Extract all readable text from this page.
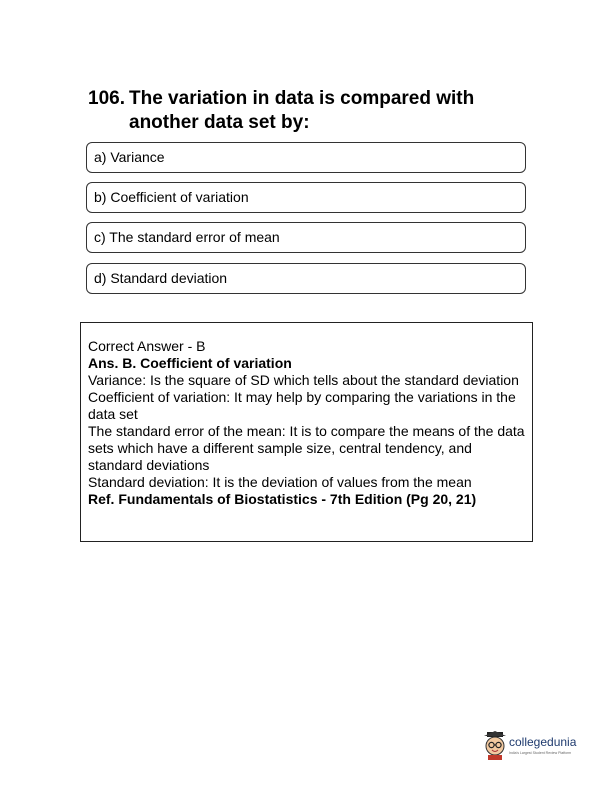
106. The variation in data is compared with
another data set by:
a) Variance
b) Coefficient of variation
c) The standard error of mean
d) Standard deviation

Correct Answer - B

Ans. B. Coefficient of variation

Variance: Is the square of SD which tells about the standard deviation

Coefficient of variation: It may help by comparing the variations in the data set

The standard error of the mean: It is to compare the means of the data sets which have a different sample size, central tendency, and standard deviations

Standard deviation: It is the deviation of values from the mean

Ref. Fundamentals of Biostatistics - 7th Edition (Pg 20, 21)

collegedunia
India's Largest Student Review Platform
